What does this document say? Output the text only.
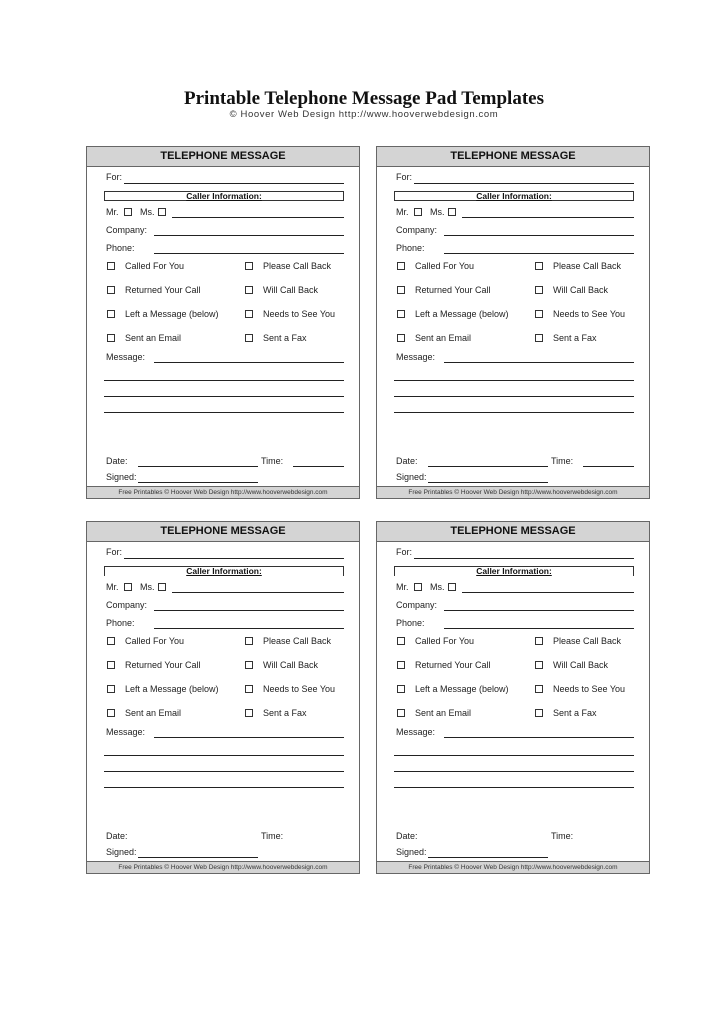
Printable Telephone Message Pad Templates
© Hoover Web Design http://www.hooverwebdesign.com
TELEPHONE MESSAGE
For:
Caller Information:
Mr. Ms.
Company:
Phone:
Called For You	Please Call Back
Returned Your Call	Will Call Back
Left a Message (below)	Needs to See You
Sent an Email	Sent a Fax
Message:
Date:	Time:
Signed:
Free Printables © Hoover Web Design http://www.hooverwebdesign.com
TELEPHONE MESSAGE
For:
Caller Information:
Mr. Ms.
Company:
Phone:
Called For You	Please Call Back
Returned Your Call	Will Call Back
Left a Message (below)	Needs to See You
Sent an Email	Sent a Fax
Message:
Date:	Time:
Signed:
Free Printables © Hoover Web Design http://www.hooverwebdesign.com
TELEPHONE MESSAGE
For:
Caller Information:
Mr. Ms.
Company:
Phone:
Called For You	Please Call Back
Returned Your Call	Will Call Back
Left a Message (below)	Needs to See You
Sent an Email	Sent a Fax
Message:
Date:	Time:
Signed:
Free Printables © Hoover Web Design http://www.hooverwebdesign.com
TELEPHONE MESSAGE
For:
Caller Information:
Mr. Ms.
Company:
Phone:
Called For You	Please Call Back
Returned Your Call	Will Call Back
Left a Message (below)	Needs to See You
Sent an Email	Sent a Fax
Message:
Date:	Time:
Signed:
Free Printables © Hoover Web Design http://www.hooverwebdesign.com
